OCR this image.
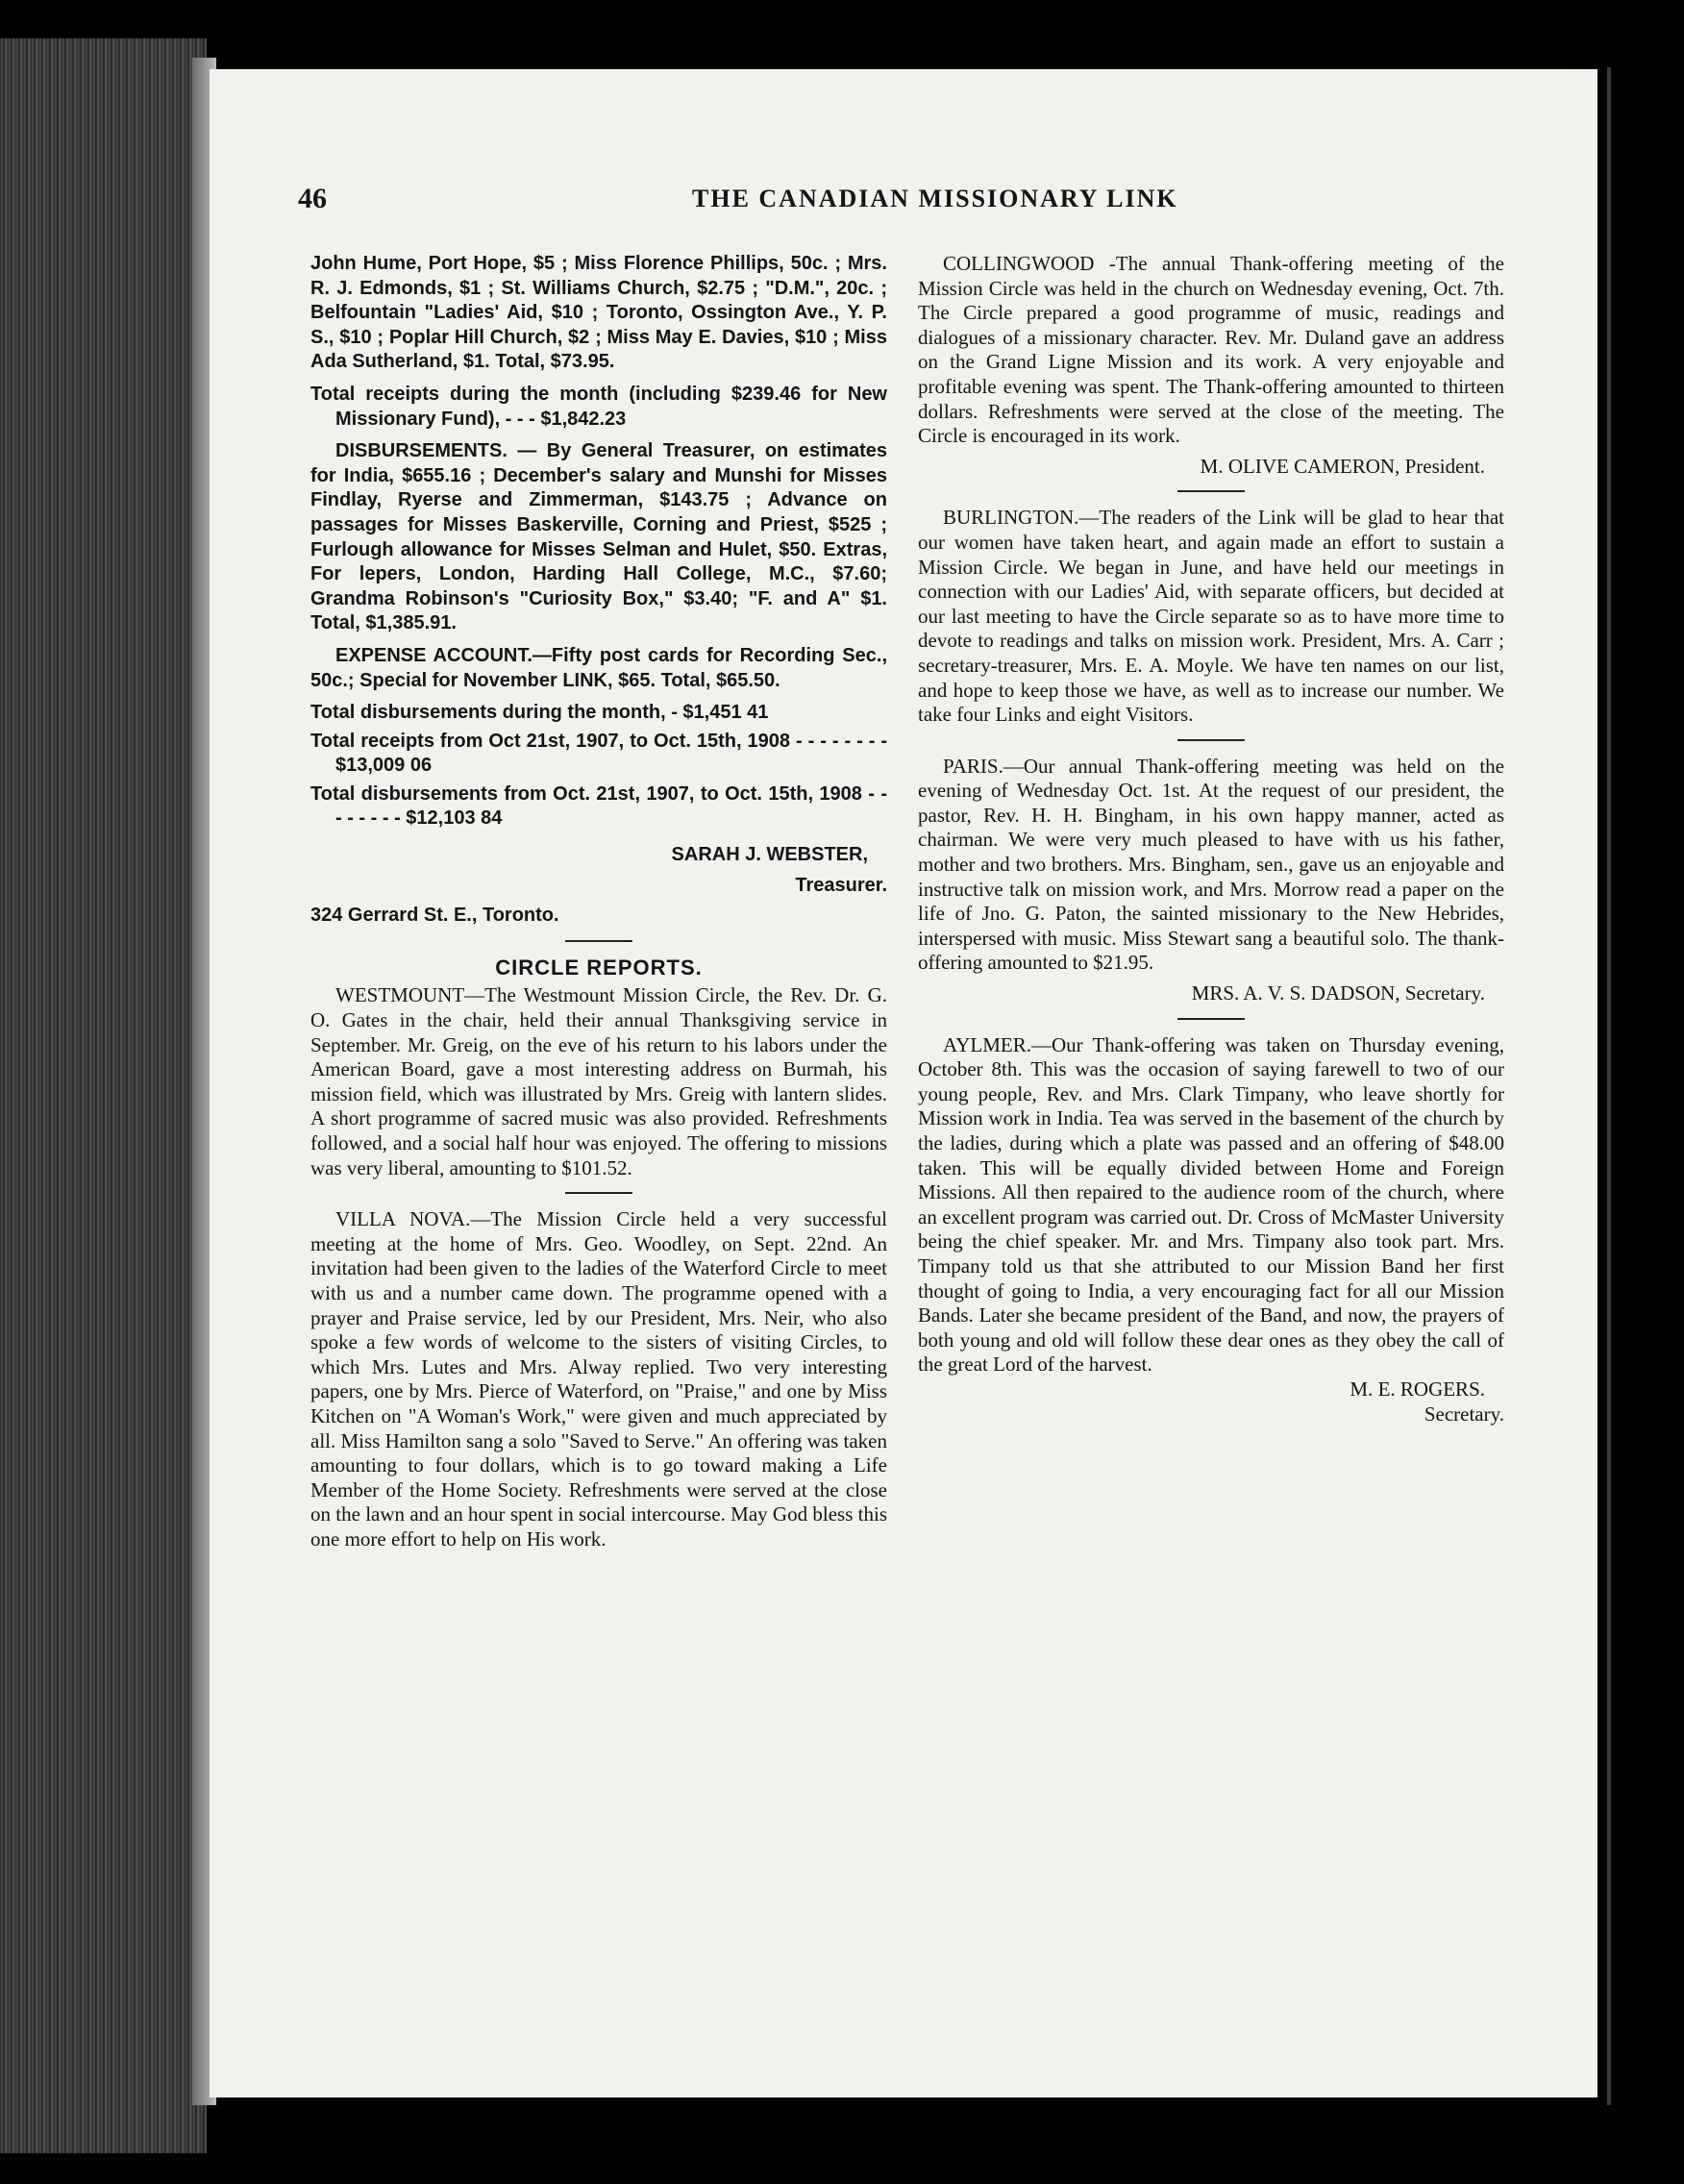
46	THE CANADIAN MISSIONARY LINK

John Hume, Port Hope, $5 ; Miss Florence Phillips, 50c. ; Mrs. R. J. Edmonds, $1 ; St. Williams Church, $2.75 ; "D.M.", 20c. ; Belfountain "Ladies' Aid, $10 ; Toronto, Ossington Ave., Y. P. S., $10 ; Poplar Hill Church, $2 ; Miss May E. Davies, $10 ; Miss Ada Sutherland, $1. Total, $73.95.

Total receipts during the month (including $239.46 for New Missionary Fund), - - - $1,842.23

DISBURSEMENTS. — By General Treasurer, on estimates for India, $655.16 ; December's salary and Munshi for Misses Findlay, Ryerse and Zimmerman, $143.75 ; Advance on passages for Misses Baskerville, Corning and Priest, $525 ; Furlough allowance for Misses Selman and Hulet, $50. Extras, For lepers, London, Harding Hall College, M.C., $7.60; Grandma Robinson's "Curiosity Box," $3.40; "F. and A" $1. Total, $1,385.91.

EXPENSE ACCOUNT.—Fifty post cards for Recording Sec., 50c.; Special for November LINK, $65. Total, $65.50.

Total disbursements during the month, - $1,451 41

Total receipts from Oct 21st, 1907, to Oct. 15th, 1908 - - - - - - - - $13,009 06

Total disbursements from Oct. 21st, 1907, to Oct. 15th, 1908 - - - - - - - - $12,103 84

SARAH J. WEBSTER,

Treasurer.

324 Gerrard St. E., Toronto.

CIRCLE REPORTS.

WESTMOUNT—The Westmount Mission Circle, the Rev. Dr. G. O. Gates in the chair, held their annual Thanksgiving service in September. Mr. Greig, on the eve of his return to his labors under the American Board, gave a most interesting address on Burmah, his mission field, which was illustrated by Mrs. Greig with lantern slides. A short programme of sacred music was also provided. Refreshments followed, and a social half hour was enjoyed. The offering to missions was very liberal, amounting to $101.52.

VILLA NOVA.—The Mission Circle held a very successful meeting at the home of Mrs. Geo. Woodley, on Sept. 22nd. An invitation had been given to the ladies of the Waterford Circle to meet with us and a number came down. The programme opened with a prayer and Praise service, led by our President, Mrs. Neir, who also spoke a few words of welcome to the sisters of visiting Circles, to which Mrs. Lutes and Mrs. Alway replied. Two very interesting papers, one by Mrs. Pierce of Waterford, on "Praise," and one by Miss Kitchen on "A Woman's Work," were given and much appreciated by all. Miss Hamilton sang a solo "Saved to Serve." An offering was taken amounting to four dollars, which is to go toward making a Life Member of the Home Society. Refreshments were served at the close on the lawn and an hour spent in social intercourse. May God bless this one more effort to help on His work.

COLLINGWOOD -The annual Thank-offering meeting of the Mission Circle was held in the church on Wednesday evening, Oct. 7th. The Circle prepared a good programme of music, readings and dialogues of a missionary character. Rev. Mr. Duland gave an address on the Grand Ligne Mission and its work. A very enjoyable and profitable evening was spent. The Thank-offering amounted to thirteen dollars. Refreshments were served at the close of the meeting. The Circle is encouraged in its work.

M. OLIVE CAMERON, President.

BURLINGTON.—The readers of the Link will be glad to hear that our women have taken heart, and again made an effort to sustain a Mission Circle. We began in June, and have held our meetings in connection with our Ladies' Aid, with separate officers, but decided at our last meeting to have the Circle separate so as to have more time to devote to readings and talks on mission work. President, Mrs. A. Carr ; secretary-treasurer, Mrs. E. A. Moyle. We have ten names on our list, and hope to keep those we have, as well as to increase our number. We take four Links and eight Visitors.

PARIS.—Our annual Thank-offering meeting was held on the evening of Wednesday Oct. 1st. At the request of our president, the pastor, Rev. H. H. Bingham, in his own happy manner, acted as chairman. We were very much pleased to have with us his father, mother and two brothers. Mrs. Bingham, sen., gave us an enjoyable and instructive talk on mission work, and Mrs. Morrow read a paper on the life of Jno. G. Paton, the sainted missionary to the New Hebrides, interspersed with music. Miss Stewart sang a beautiful solo. The thank-offering amounted to $21.95.

MRS. A. V. S. DADSON, Secretary.

AYLMER.—Our Thank-offering was taken on Thursday evening, October 8th. This was the occasion of saying farewell to two of our young people, Rev. and Mrs. Clark Timpany, who leave shortly for Mission work in India. Tea was served in the basement of the church by the ladies, during which a plate was passed and an offering of $48.00 taken. This will be equally divided between Home and Foreign Missions. All then repaired to the audience room of the church, where an excellent program was carried out. Dr. Cross of McMaster University being the chief speaker. Mr. and Mrs. Timpany also took part. Mrs. Timpany told us that she attributed to our Mission Band her first thought of going to India, a very encouraging fact for all our Mission Bands. Later she became president of the Band, and now, the prayers of both young and old will follow these dear ones as they obey the call of the great Lord of the harvest.

M. E. ROGERS.

Secretary.
